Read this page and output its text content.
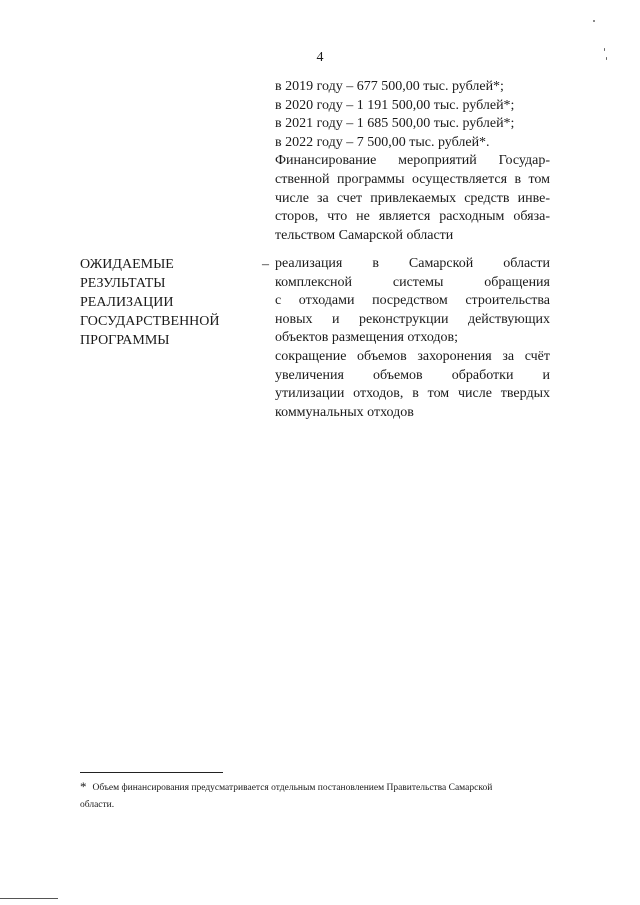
4
в 2019 году – 677 500,00 тыс. рублей*;
в 2020 году – 1 191 500,00 тыс. рублей*;
в 2021 году – 1 685 500,00 тыс. рублей*;
в 2022 году – 7 500,00 тыс. рублей*.
Финансирование мероприятий Государ-
ственной программы осуществляется в том
числе за счет привлекаемых средств инве-
сторов, что не является расходным обяза-
тельством Самарской области
ОЖИДАЕМЫЕ
РЕЗУЛЬТАТЫ
РЕАЛИЗАЦИИ
ГОСУДАРСТВЕННОЙ
ПРОГРАММЫ
– реализация в Самарской области
комплексной системы обращения
с отходами посредством строительства
новых и реконструкции действующих
объектов размещения отходов;
сокращение объемов захоронения за счёт
увеличения объемов обработки и
утилизации отходов, в том числе твердых
коммунальных отходов
* Объем финансирования предусматривается отдельным постановлением Правительства Самарской
области.
